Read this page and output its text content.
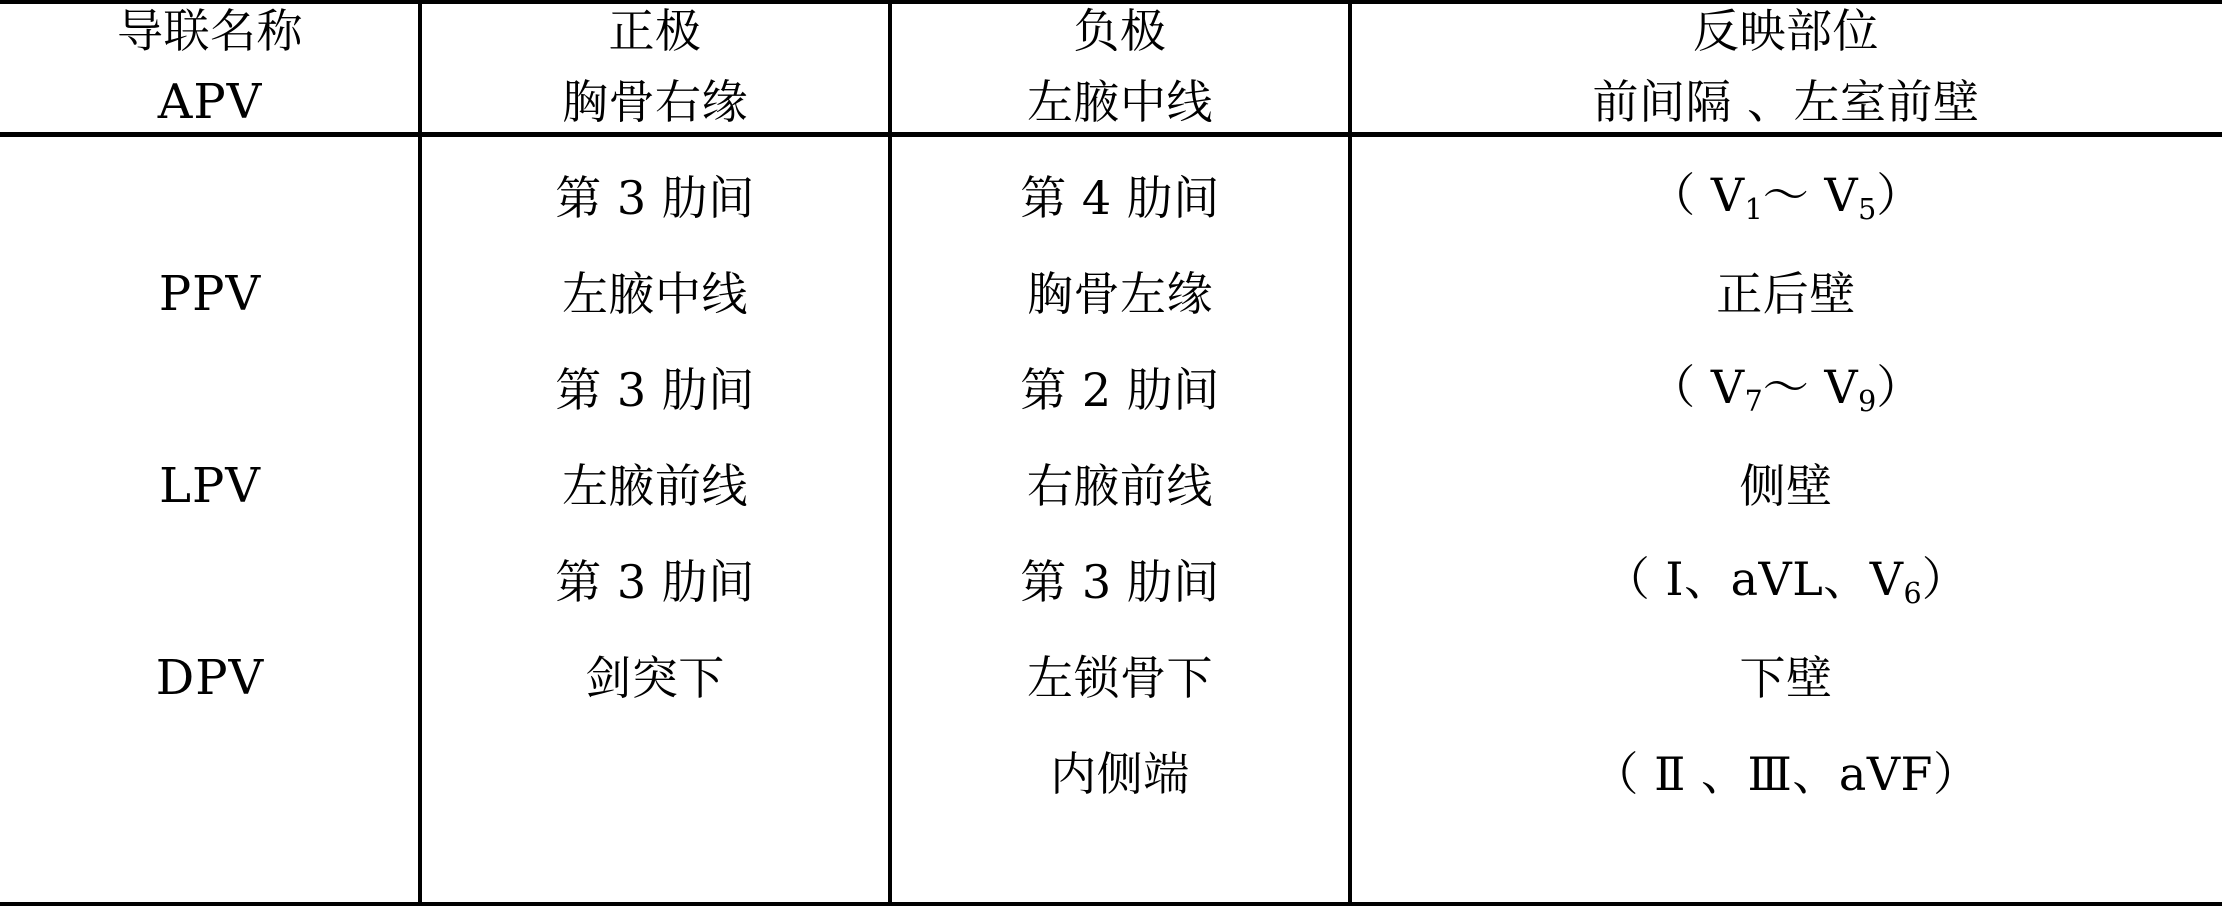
导联名称	正极	负极	反映部位
APV	胸骨右缘	左腋中线	前间隔 、左室前壁
	第 3 肋间	第 4 肋间	（ $V_1\sim$ $V_5$）
PPV	左腋中线	胸骨左缘	正后壁
	第 3 肋间	第 2 肋间	（ $V_7\sim$ $V_9$）
LPV	左腋前线	右腋前线	侧壁
	第 3 肋间	第 3 肋间	（ I、aVL、$V_6$）
DPV	剑突下	左锁骨下	下壁
		内侧端	（ Ⅱ 、Ⅲ、aVF）
